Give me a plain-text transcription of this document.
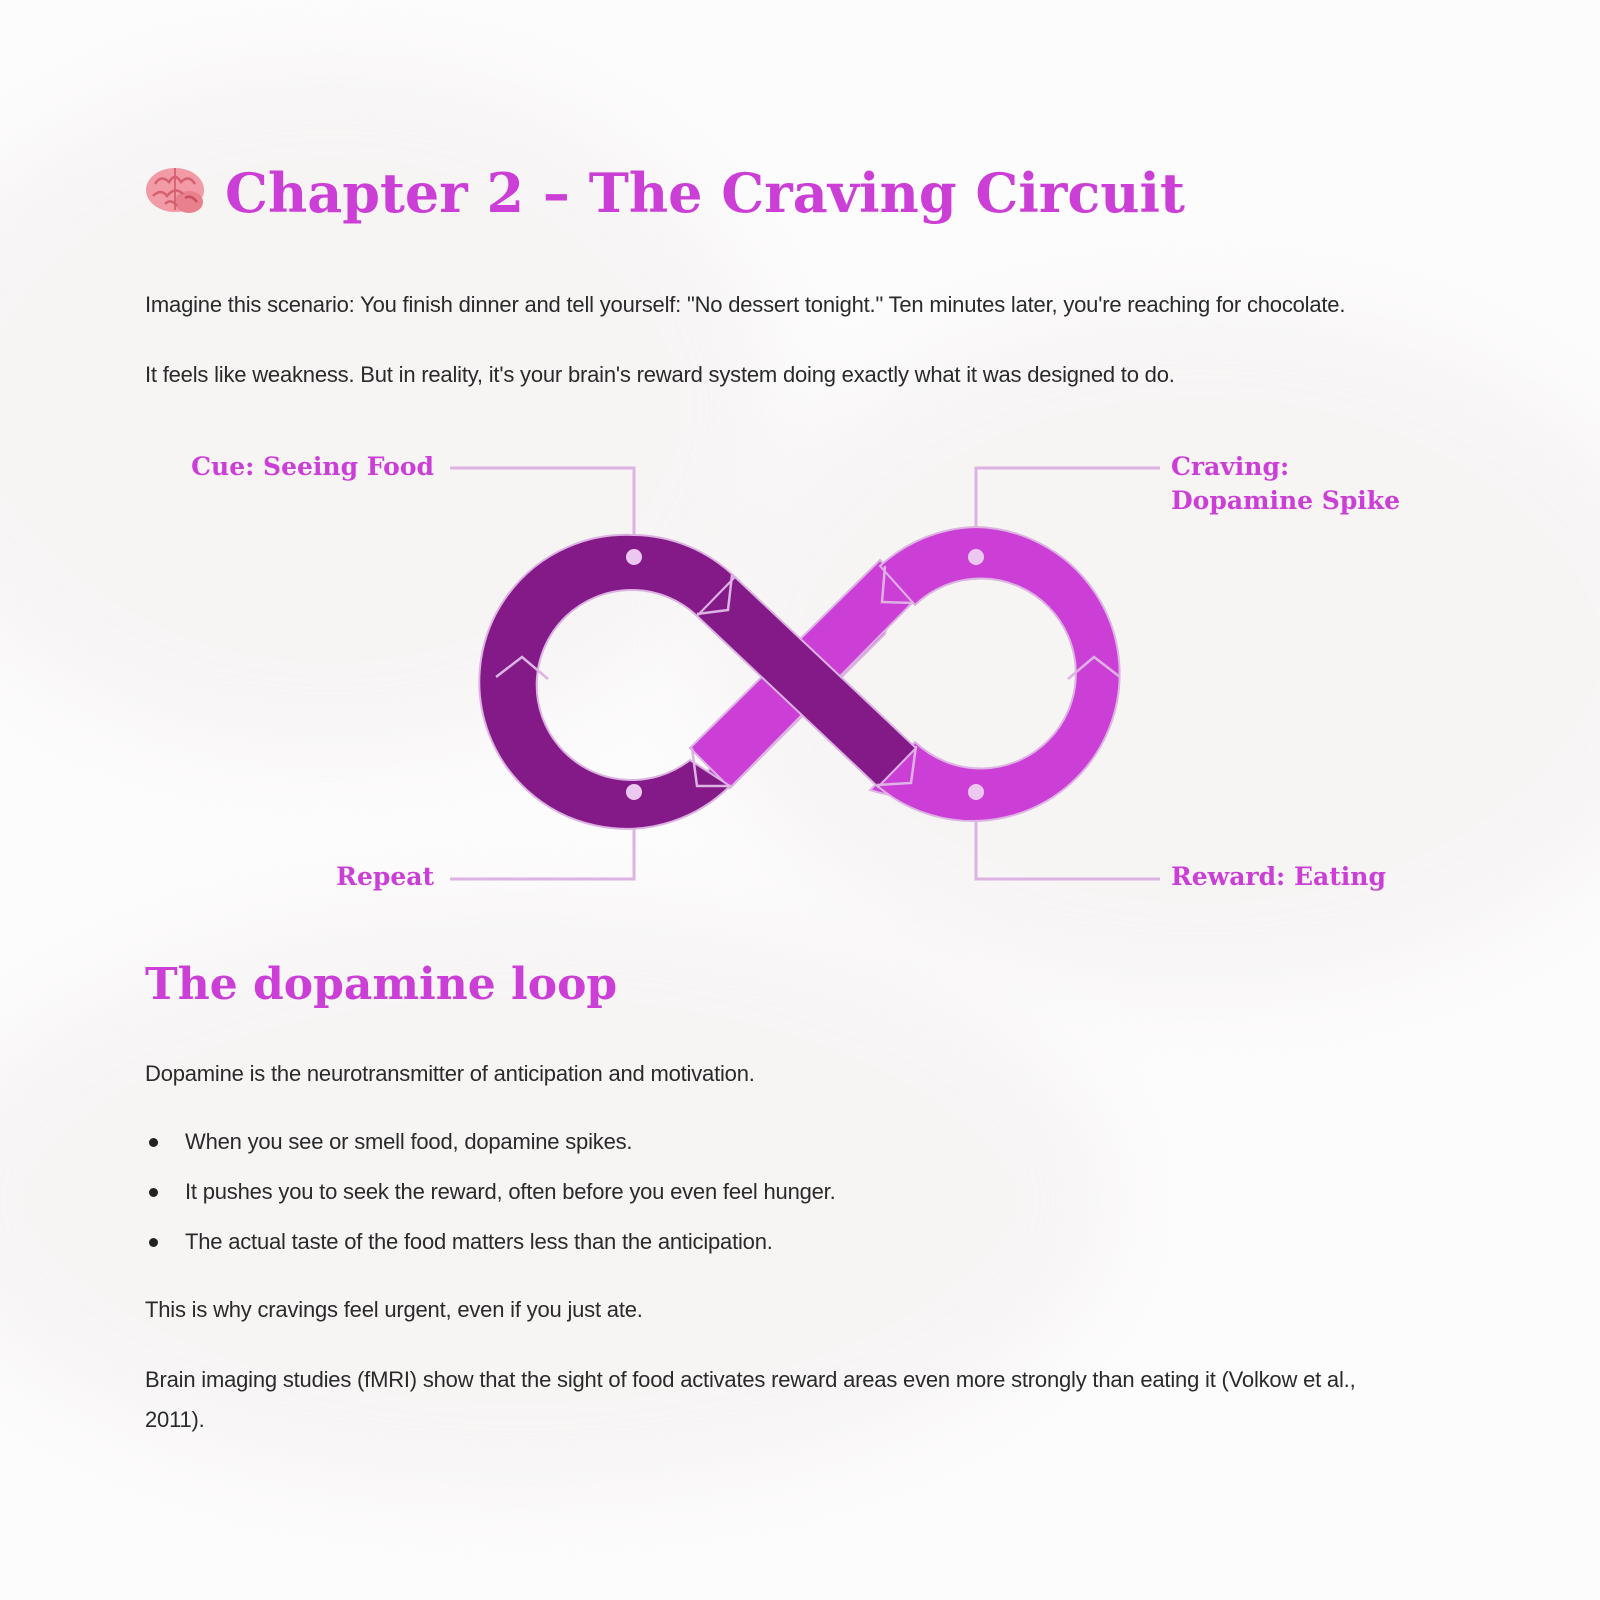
Cue: Seeing Food	Craving:
Dopamine Spike
Repeat	Reward: Eating
Chapter 2 – The Craving Circuit

Imagine this scenario: You finish dinner and tell yourself: "No dessert tonight." Ten minutes later, you're reaching for chocolate.

It feels like weakness. But in reality, it's your brain's reward system doing exactly what it was designed to do.

The dopamine loop

Dopamine is the neurotransmitter of anticipation and motivation.

When you see or smell food, dopamine spikes.
It pushes you to seek the reward, often before you even feel hunger.
The actual taste of the food matters less than the anticipation.

This is why cravings feel urgent, even if you just ate.

Brain imaging studies (fMRI) show that the sight of food activates reward areas even more strongly than eating it (Volkow et al.,

2011).
